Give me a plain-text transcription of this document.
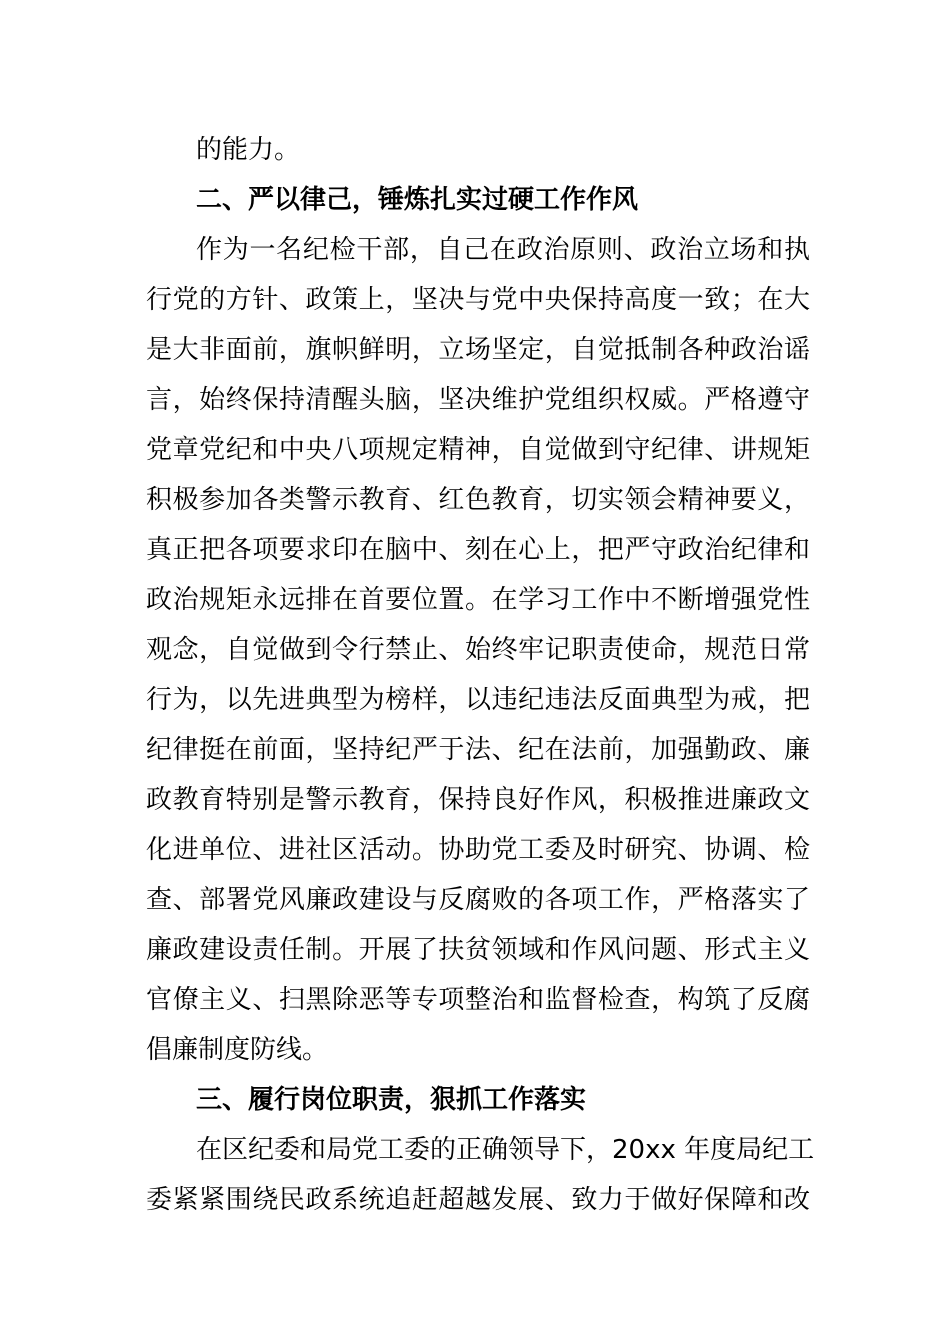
的能力。
二、严以律己，锤炼扎实过硬工作作风
作为一名纪检干部，自己在政治原则、政治立场和执
行党的方针、政策上，坚决与党中央保持高度一致；在大
是大非面前，旗帜鲜明，立场坚定，自觉抵制各种政治谣
言，始终保持清醒头脑，坚决维护党组织权威。严格遵守
党章党纪和中央八项规定精神，自觉做到守纪律、讲规矩
积极参加各类警示教育、红色教育，切实领会精神要义，
真正把各项要求印在脑中、刻在心上，把严守政治纪律和
政治规矩永远排在首要位置。在学习工作中不断增强党性
观念，自觉做到令行禁止、始终牢记职责使命，规范日常
行为，以先进典型为榜样，以违纪违法反面典型为戒，把
纪律挺在前面，坚持纪严于法、纪在法前，加强勤政、廉
政教育特别是警示教育，保持良好作风，积极推进廉政文
化进单位、进社区活动。协助党工委及时研究、协调、检
查、部署党风廉政建设与反腐败的各项工作，严格落实了
廉政建设责任制。开展了扶贫领域和作风问题、形式主义
官僚主义、扫黑除恶等专项整治和监督检查，构筑了反腐
倡廉制度防线。
三、履行岗位职责，狠抓工作落实
在区纪委和局党工委的正确领导下，20xx 年度局纪工
委紧紧围绕民政系统追赶超越发展、致力于做好保障和改
